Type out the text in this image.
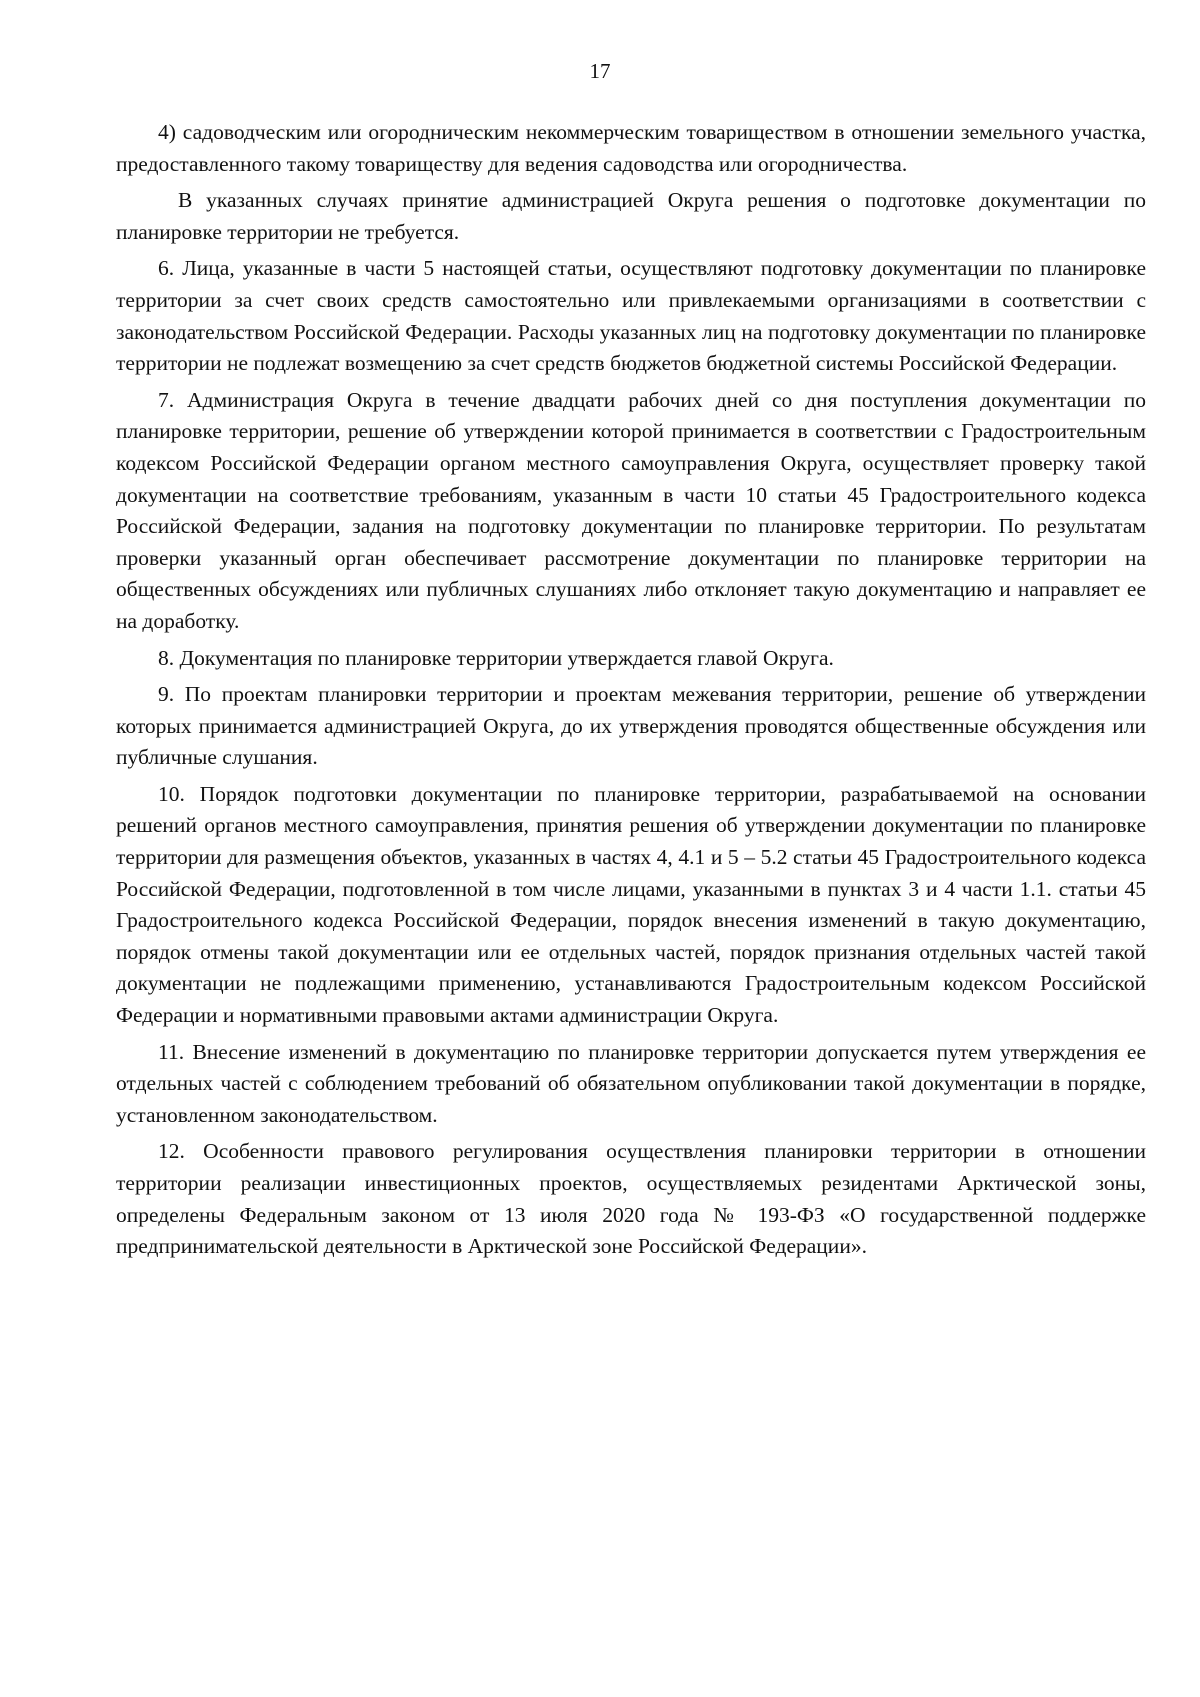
17

4) садоводческим или огородническим некоммерческим товариществом в отношении земельного участка, предоставленного такому товариществу для ведения садоводства или огородничества.

В указанных случаях принятие администрацией Округа решения о подготовке документации по планировке территории не требуется.

6. Лица, указанные в части 5 настоящей статьи, осуществляют подготовку документации по планировке территории за счет своих средств самостоятельно или привлекаемыми организациями в соответствии с законодательством Российской Федерации. Расходы указанных лиц на подготовку документации по планировке территории не подлежат возмещению за счет средств бюджетов бюджетной системы Российской Федерации.

7. Администрация Округа в течение двадцати рабочих дней со дня поступления документации по планировке территории, решение об утверждении которой принимается в соответствии с Градостроительным кодексом Российской Федерации органом местного самоуправления Округа, осуществляет проверку такой документации на соответствие требованиям, указанным в части 10 статьи 45 Градостроительного кодекса Российской Федерации, задания на подготовку документации по планировке территории. По результатам проверки указанный орган обеспечивает рассмотрение документации по планировке территории на общественных обсуждениях или публичных слушаниях либо отклоняет такую документацию и направляет ее на доработку.

8. Документация по планировке территории утверждается главой Округа.

9. По проектам планировки территории и проектам межевания территории, решение об утверждении которых принимается администрацией Округа, до их утверждения проводятся общественные обсуждения или публичные слушания.

10. Порядок подготовки документации по планировке территории, разрабатываемой на основании решений органов местного самоуправления, принятия решения об утверждении документации по планировке территории для размещения объектов, указанных в частях 4, 4.1 и 5 – 5.2 статьи 45 Градостроительного кодекса Российской Федерации, подготовленной в том числе лицами, указанными в пунктах 3 и 4 части 1.1. статьи 45 Градостроительного кодекса Российской Федерации, порядок внесения изменений в такую документацию, порядок отмены такой документации или ее отдельных частей, порядок признания отдельных частей такой документации не подлежащими применению, устанавливаются Градостроительным кодексом Российской Федерации и нормативными правовыми актами администрации Округа.

11. Внесение изменений в документацию по планировке территории допускается путем утверждения ее отдельных частей с соблюдением требований об обязательном опубликовании такой документации в порядке, установленном законодательством.

12. Особенности правового регулирования осуществления планировки территории в отношении территории реализации инвестиционных проектов, осуществляемых резидентами Арктической зоны, определены Федеральным законом от 13 июля 2020 года № 193-ФЗ «О государственной поддержке предпринимательской деятельности в Арктической зоне Российской Федерации».
